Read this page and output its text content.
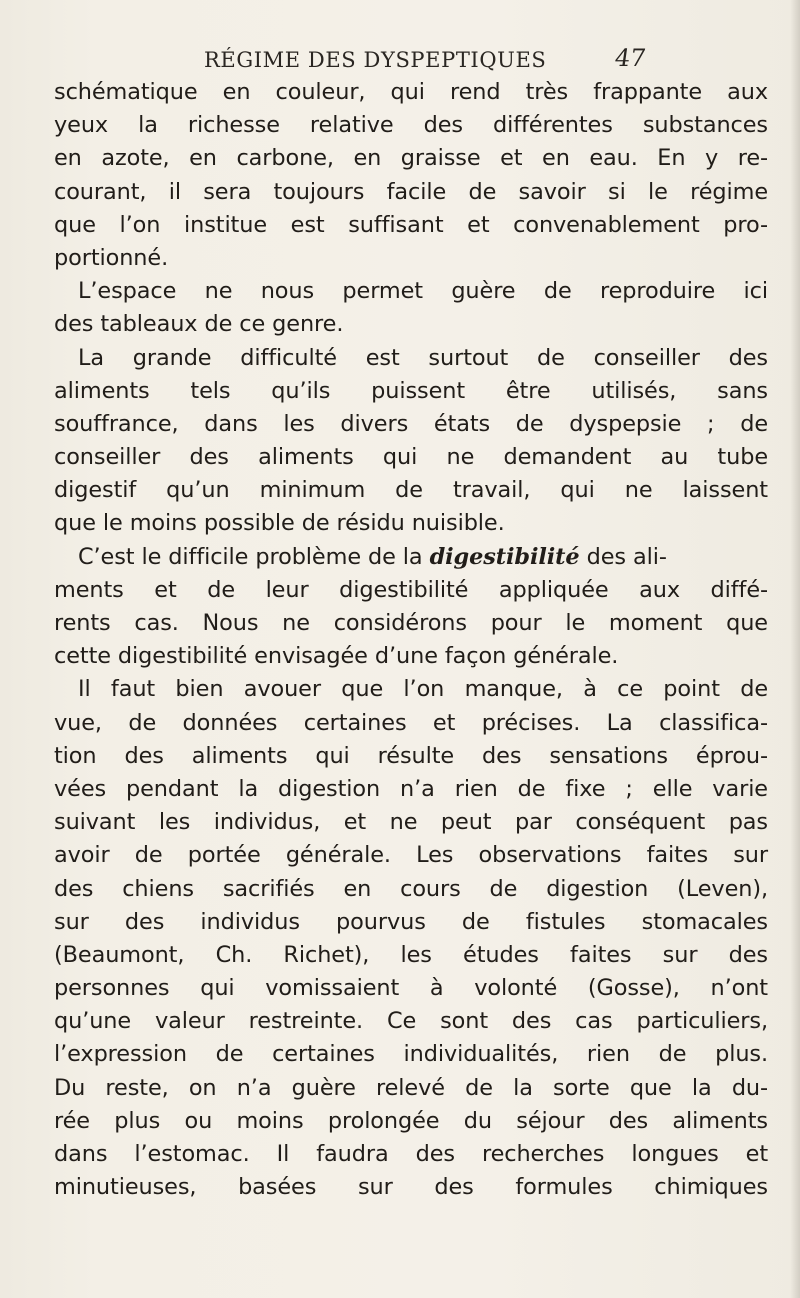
RÉGIME DES DYSPEPTIQUES	47
schématique en couleur, qui rend très frappante aux
yeux la richesse relative des différentes substances
en azote, en carbone, en graisse et en eau. En y re-
courant, il sera toujours facile de savoir si le régime
que l’on institue est suffisant et convenablement pro-
portionné.
L’espace ne nous permet guère de reproduire ici
des tableaux de ce genre.
La grande difficulté est surtout de conseiller des
aliments tels qu’ils puissent être utilisés, sans
souffrance, dans les divers états de dyspepsie ; de
conseiller des aliments qui ne demandent au tube
digestif qu’un minimum de travail, qui ne laissent
que le moins possible de résidu nuisible.
C’est le difficile problème de la digestibilité des ali-
ments et de leur digestibilité appliquée aux diffé-
rents cas. Nous ne considérons pour le moment que
cette digestibilité envisagée d’une façon générale.
Il faut bien avouer que l’on manque, à ce point de
vue, de données certaines et précises. La classifica-
tion des aliments qui résulte des sensations éprou-
vées pendant la digestion n’a rien de fixe ; elle varie
suivant les individus, et ne peut par conséquent pas
avoir de portée générale. Les observations faites sur
des chiens sacrifiés en cours de digestion (Leven),
sur des individus pourvus de fistules stomacales
(Beaumont, Ch. Richet), les études faites sur des
personnes qui vomissaient à volonté (Gosse), n’ont
qu’une valeur restreinte. Ce sont des cas particuliers,
l’expression de certaines individualités, rien de plus.
Du reste, on n’a guère relevé de la sorte que la du-
rée plus ou moins prolongée du séjour des aliments
dans l’estomac. Il faudra des recherches longues et
minutieuses, basées sur des formules chimiques
